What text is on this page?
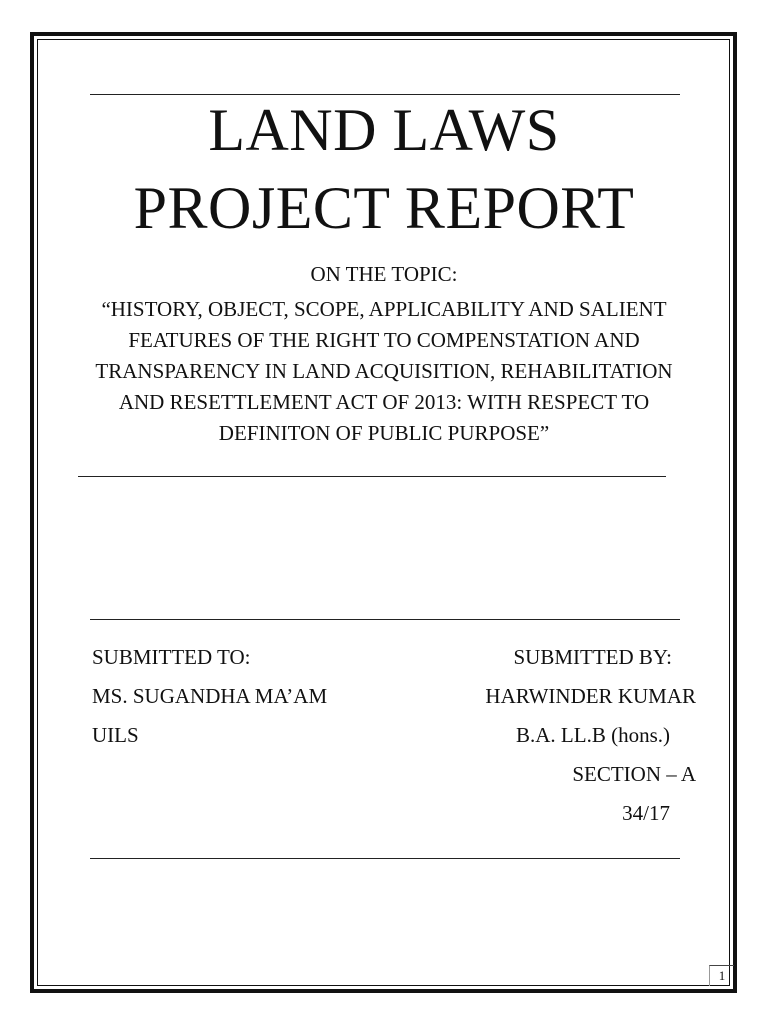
LAND LAWS
PROJECT REPORT
ON THE TOPIC:
“HISTORY, OBJECT, SCOPE, APPLICABILITY AND SALIENT FEATURES OF THE RIGHT TO COMPENSTATION AND TRANSPARENCY IN LAND ACQUISITION, REHABILITATION AND RESETTLEMENT ACT OF 2013: WITH RESPECT TO DEFINITON OF PUBLIC PURPOSE”
SUBMITTED TO:
MS. SUGANDHA MA’AM
UILS
SUBMITTED BY:
HARWINDER KUMAR
B.A. LL.B (hons.)
SECTION – A
34/17
1
